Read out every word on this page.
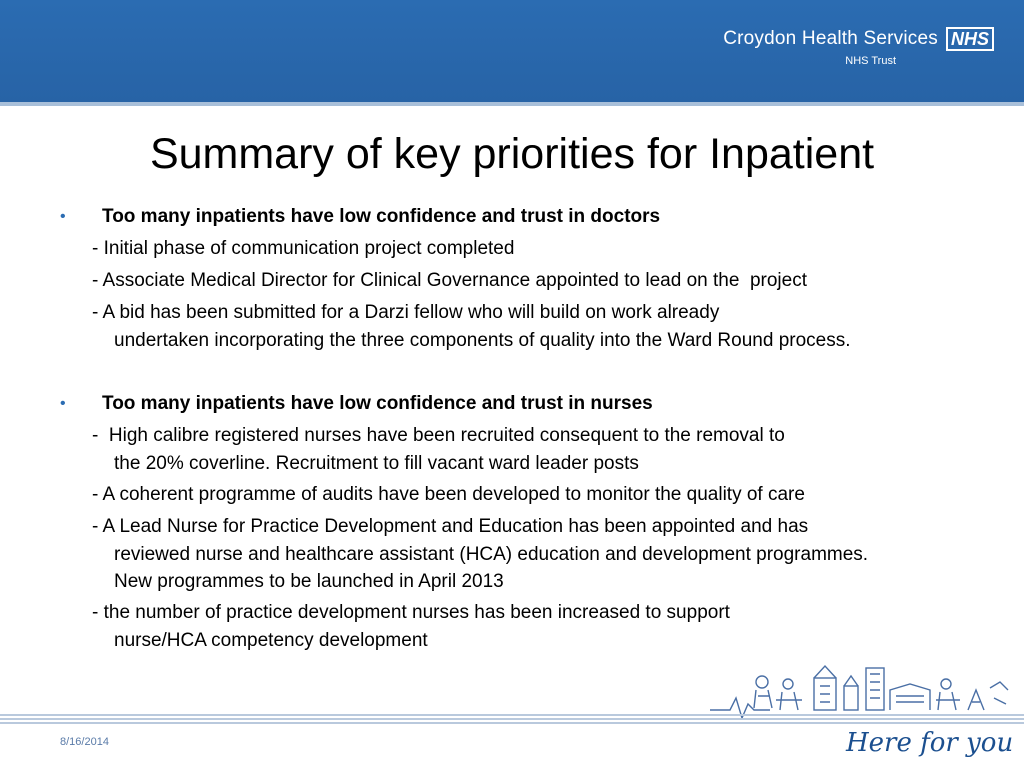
Croydon Health Services NHS
NHS Trust
Summary of key priorities for Inpatient
• Too many inpatients have low confidence and trust in doctors
- Initial phase of communication project completed
- Associate Medical Director for Clinical Governance appointed to lead on the  project
- A bid has been submitted for a Darzi fellow who will build on work already
undertaken incorporating the three components of quality into the Ward Round process.
• Too many inpatients have low confidence and trust in nurses
-  High calibre registered nurses have been recruited consequent to the removal to
the 20% coverline. Recruitment to fill vacant ward leader posts
- A coherent programme of audits have been developed to monitor the quality of care
- A Lead Nurse for Practice Development and Education has been appointed and has
reviewed nurse and healthcare assistant (HCA) education and development programmes. New programmes to be launched in April 2013
- the number of practice development nurses has been increased to support
nurse/HCA competency development
8/16/2014	Here for you
